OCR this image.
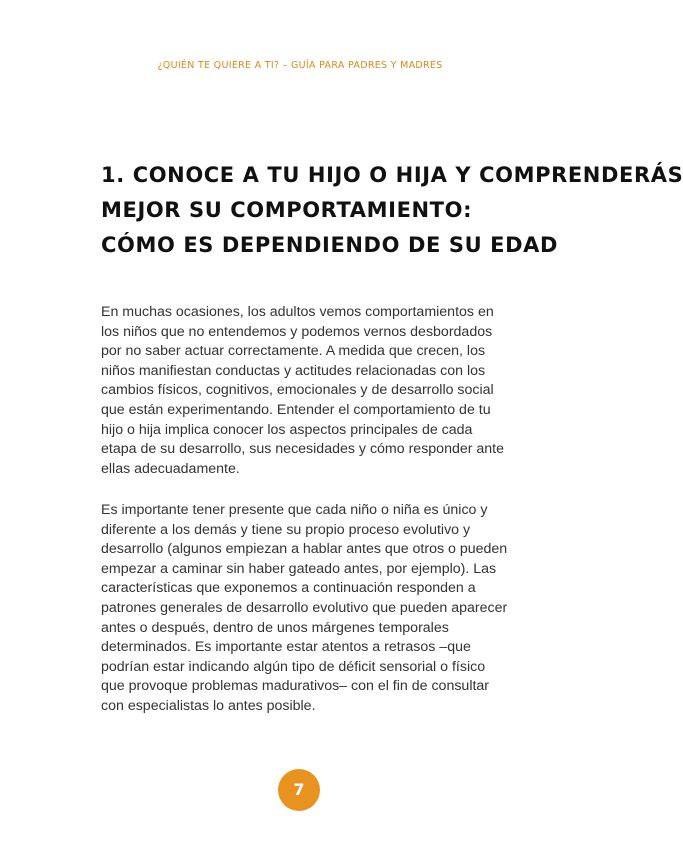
¿QUIÉN TE QUIERE A TI? – GUÍA PARA PADRES Y MADRES
1. CONOCE A TU HIJO O HIJA Y COMPRENDERÁS
MEJOR SU COMPORTAMIENTO:
CÓMO ES DEPENDIENDO DE SU EDAD

En muchas ocasiones, los adultos vemos comportamientos en los niños que no entendemos y podemos vernos desbordados por no saber actuar correctamente. A medida que crecen, los niños manifiestan conductas y actitudes relacionadas con los cambios físicos, cognitivos, emocionales y de desarrollo social que están experimentando. Entender el comportamiento de tu hijo o hija implica conocer los aspectos principales de cada etapa de su desarrollo, sus necesidades y cómo responder ante ellas adecuadamente.

Es importante tener presente que cada niño o niña es único y diferente a los demás y tiene su propio proceso evolutivo y desarrollo (algunos empiezan a hablar antes que otros o pueden empezar a caminar sin haber gateado antes, por ejemplo). Las características que exponemos a continuación responden a patrones generales de desarrollo evolutivo que pueden aparecer antes o después, dentro de unos márgenes temporales determinados. Es importante estar atentos a retrasos –que podrían estar indicando algún tipo de déficit sensorial o físico que provoque problemas madurativos– con el fin de consultar con especialistas lo antes posible.

7
